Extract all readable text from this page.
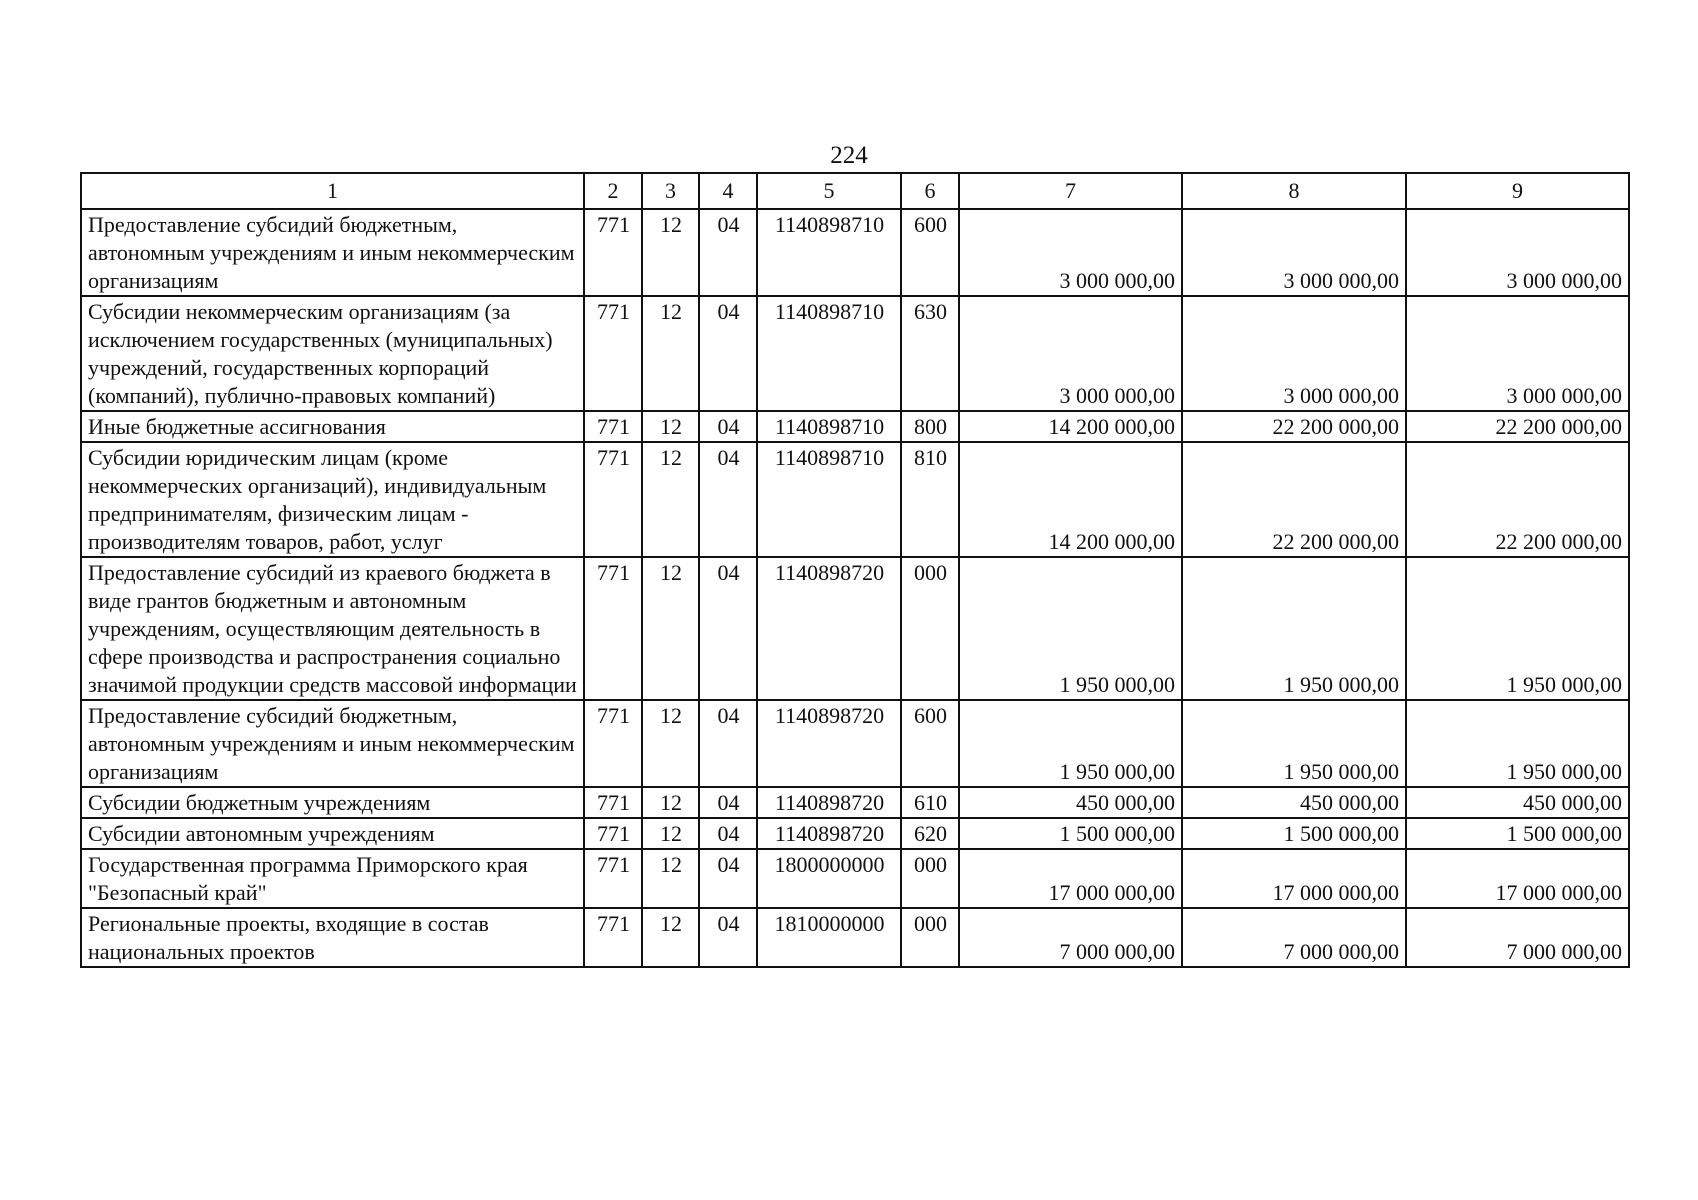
224
1	2	3	4	5	6	7	8	9
Предоставление субсидий бюджетным, автономным учреждениям и иным некоммерческим организациям	771	12	04	1140898710	600	3 000 000,00	3 000 000,00	3 000 000,00
Субсидии некоммерческим организациям (за исключением государственных (муниципальных) учреждений, государственных корпораций (компаний), публично-правовых компаний)	771	12	04	1140898710	630	3 000 000,00	3 000 000,00	3 000 000,00
Иные бюджетные ассигнования	771	12	04	1140898710	800	14 200 000,00	22 200 000,00	22 200 000,00
Субсидии юридическим лицам (кроме некоммерческих организаций), индивидуальным предпринимателям, физическим лицам - производителям товаров, работ, услуг	771	12	04	1140898710	810	14 200 000,00	22 200 000,00	22 200 000,00
Предоставление субсидий из краевого бюджета в виде грантов бюджетным и автономным учреждениям, осуществляющим деятельность в сфере производства и распространения социально значимой продукции средств массовой информации	771	12	04	1140898720	000	1 950 000,00	1 950 000,00	1 950 000,00
Предоставление субсидий бюджетным, автономным учреждениям и иным некоммерческим организациям	771	12	04	1140898720	600	1 950 000,00	1 950 000,00	1 950 000,00
Субсидии бюджетным учреждениям	771	12	04	1140898720	610	450 000,00	450 000,00	450 000,00
Субсидии автономным учреждениям	771	12	04	1140898720	620	1 500 000,00	1 500 000,00	1 500 000,00
Государственная программа Приморского края "Безопасный край"	771	12	04	1800000000	000	17 000 000,00	17 000 000,00	17 000 000,00
Региональные проекты, входящие в состав национальных проектов	771	12	04	1810000000	000	7 000 000,00	7 000 000,00	7 000 000,00
